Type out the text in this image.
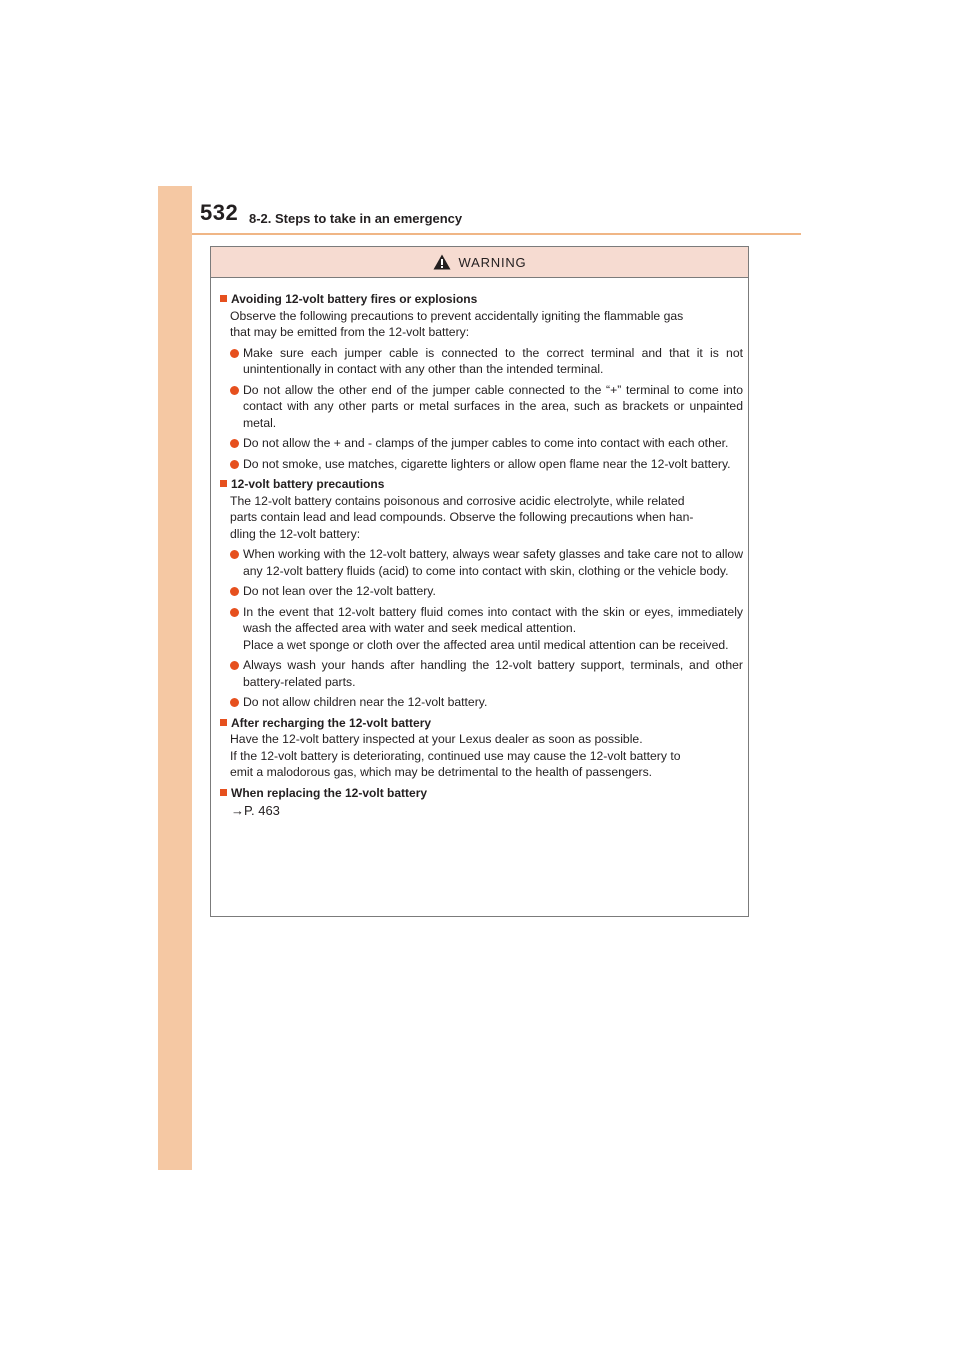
532 8-2. Steps to take in an emergency
WARNING
Avoiding 12-volt battery fires or explosions
Observe the following precautions to prevent accidentally igniting the flammable gas
that may be emitted from the 12-volt battery:
Make sure each jumper cable is connected to the correct terminal and that it is not unintentionally in contact with any other than the intended terminal.
Do not allow the other end of the jumper cable connected to the “+” terminal to come into contact with any other parts or metal surfaces in the area, such as brackets or unpainted metal.
Do not allow the + and - clamps of the jumper cables to come into contact with each other.
Do not smoke, use matches, cigarette lighters or allow open flame near the 12-volt battery.
12-volt battery precautions
The 12-volt battery contains poisonous and corrosive acidic electrolyte, while related
parts contain lead and lead compounds. Observe the following precautions when han-
dling the 12-volt battery:
When working with the 12-volt battery, always wear safety glasses and take care not to allow any 12-volt battery fluids (acid) to come into contact with skin, clothing or the vehicle body.
Do not lean over the 12-volt battery.
In the event that 12-volt battery fluid comes into contact with the skin or eyes, immediately wash the affected area with water and seek medical attention.
Place a wet sponge or cloth over the affected area until medical attention can be received.
Always wash your hands after handling the 12-volt battery support, terminals, and other battery-related parts.
Do not allow children near the 12-volt battery.
After recharging the 12-volt battery
Have the 12-volt battery inspected at your Lexus dealer as soon as possible.
If the 12-volt battery is deteriorating, continued use may cause the 12-volt battery to
emit a malodorous gas, which may be detrimental to the health of passengers.
When replacing the 12-volt battery
→P. 463
